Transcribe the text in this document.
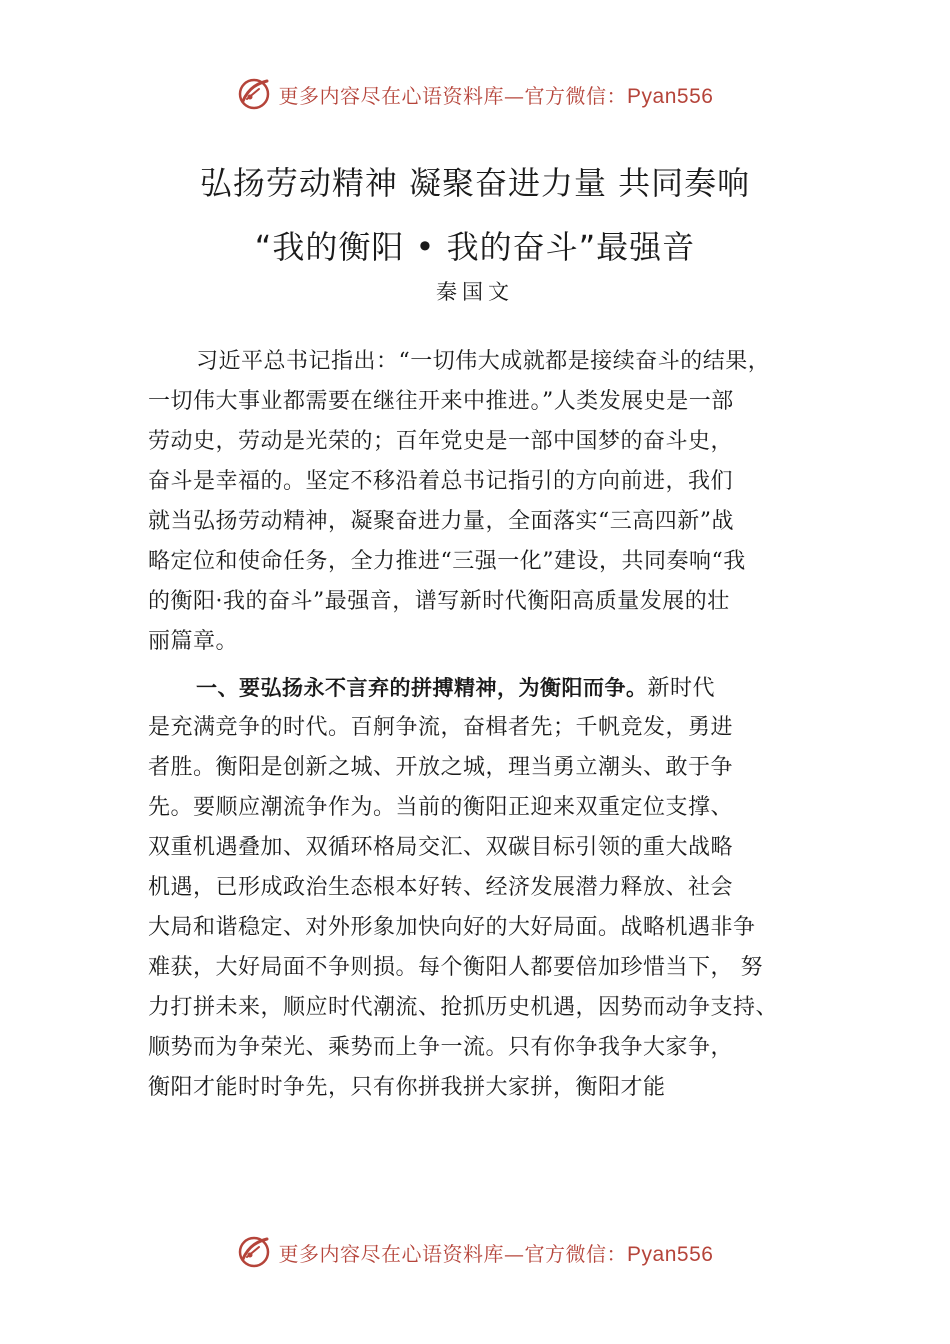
更多内容尽在心语资料库—官方微信：Pyan556
弘扬劳动精神 凝聚奋进力量 共同奏响
“我的衡阳 • 我的奋斗”最强音
秦国文
习近平总书记指出：“一切伟大成就都是接续奋斗的结果，
一切伟大事业都需要在继往开来中推进。”人类发展史是一部
劳动史，劳动是光荣的；百年党史是一部中国梦的奋斗史，
奋斗是幸福的。坚定不移沿着总书记指引的方向前进，我们
就当弘扬劳动精神，凝聚奋进力量，全面落实“三高四新”战
略定位和使命任务，全力推进“三强一化”建设，共同奏响“我
的衡阳·我的奋斗”最强音，谱写新时代衡阳高质量发展的壮
丽篇章。
一、要弘扬永不言弃的拼搏精神，为衡阳而争。新时代
是充满竞争的时代。百舸争流，奋楫者先；千帆竞发，勇进
者胜。衡阳是创新之城、开放之城，理当勇立潮头、敢于争
先。要顺应潮流争作为。当前的衡阳正迎来双重定位支撑、
双重机遇叠加、双循环格局交汇、双碳目标引领的重大战略
机遇，已形成政治生态根本好转、经济发展潜力释放、社会
大局和谐稳定、对外形象加快向好的大好局面。战略机遇非争
难获，大好局面不争则损。每个衡阳人都要倍加珍惜当下， 努
力打拼未来，顺应时代潮流、抢抓历史机遇，因势而动争支持、
顺势而为争荣光、乘势而上争一流。只有你争我争大家争，
衡阳才能时时争先，只有你拼我拼大家拼，衡阳才能
更多内容尽在心语资料库—官方微信：Pyan556
